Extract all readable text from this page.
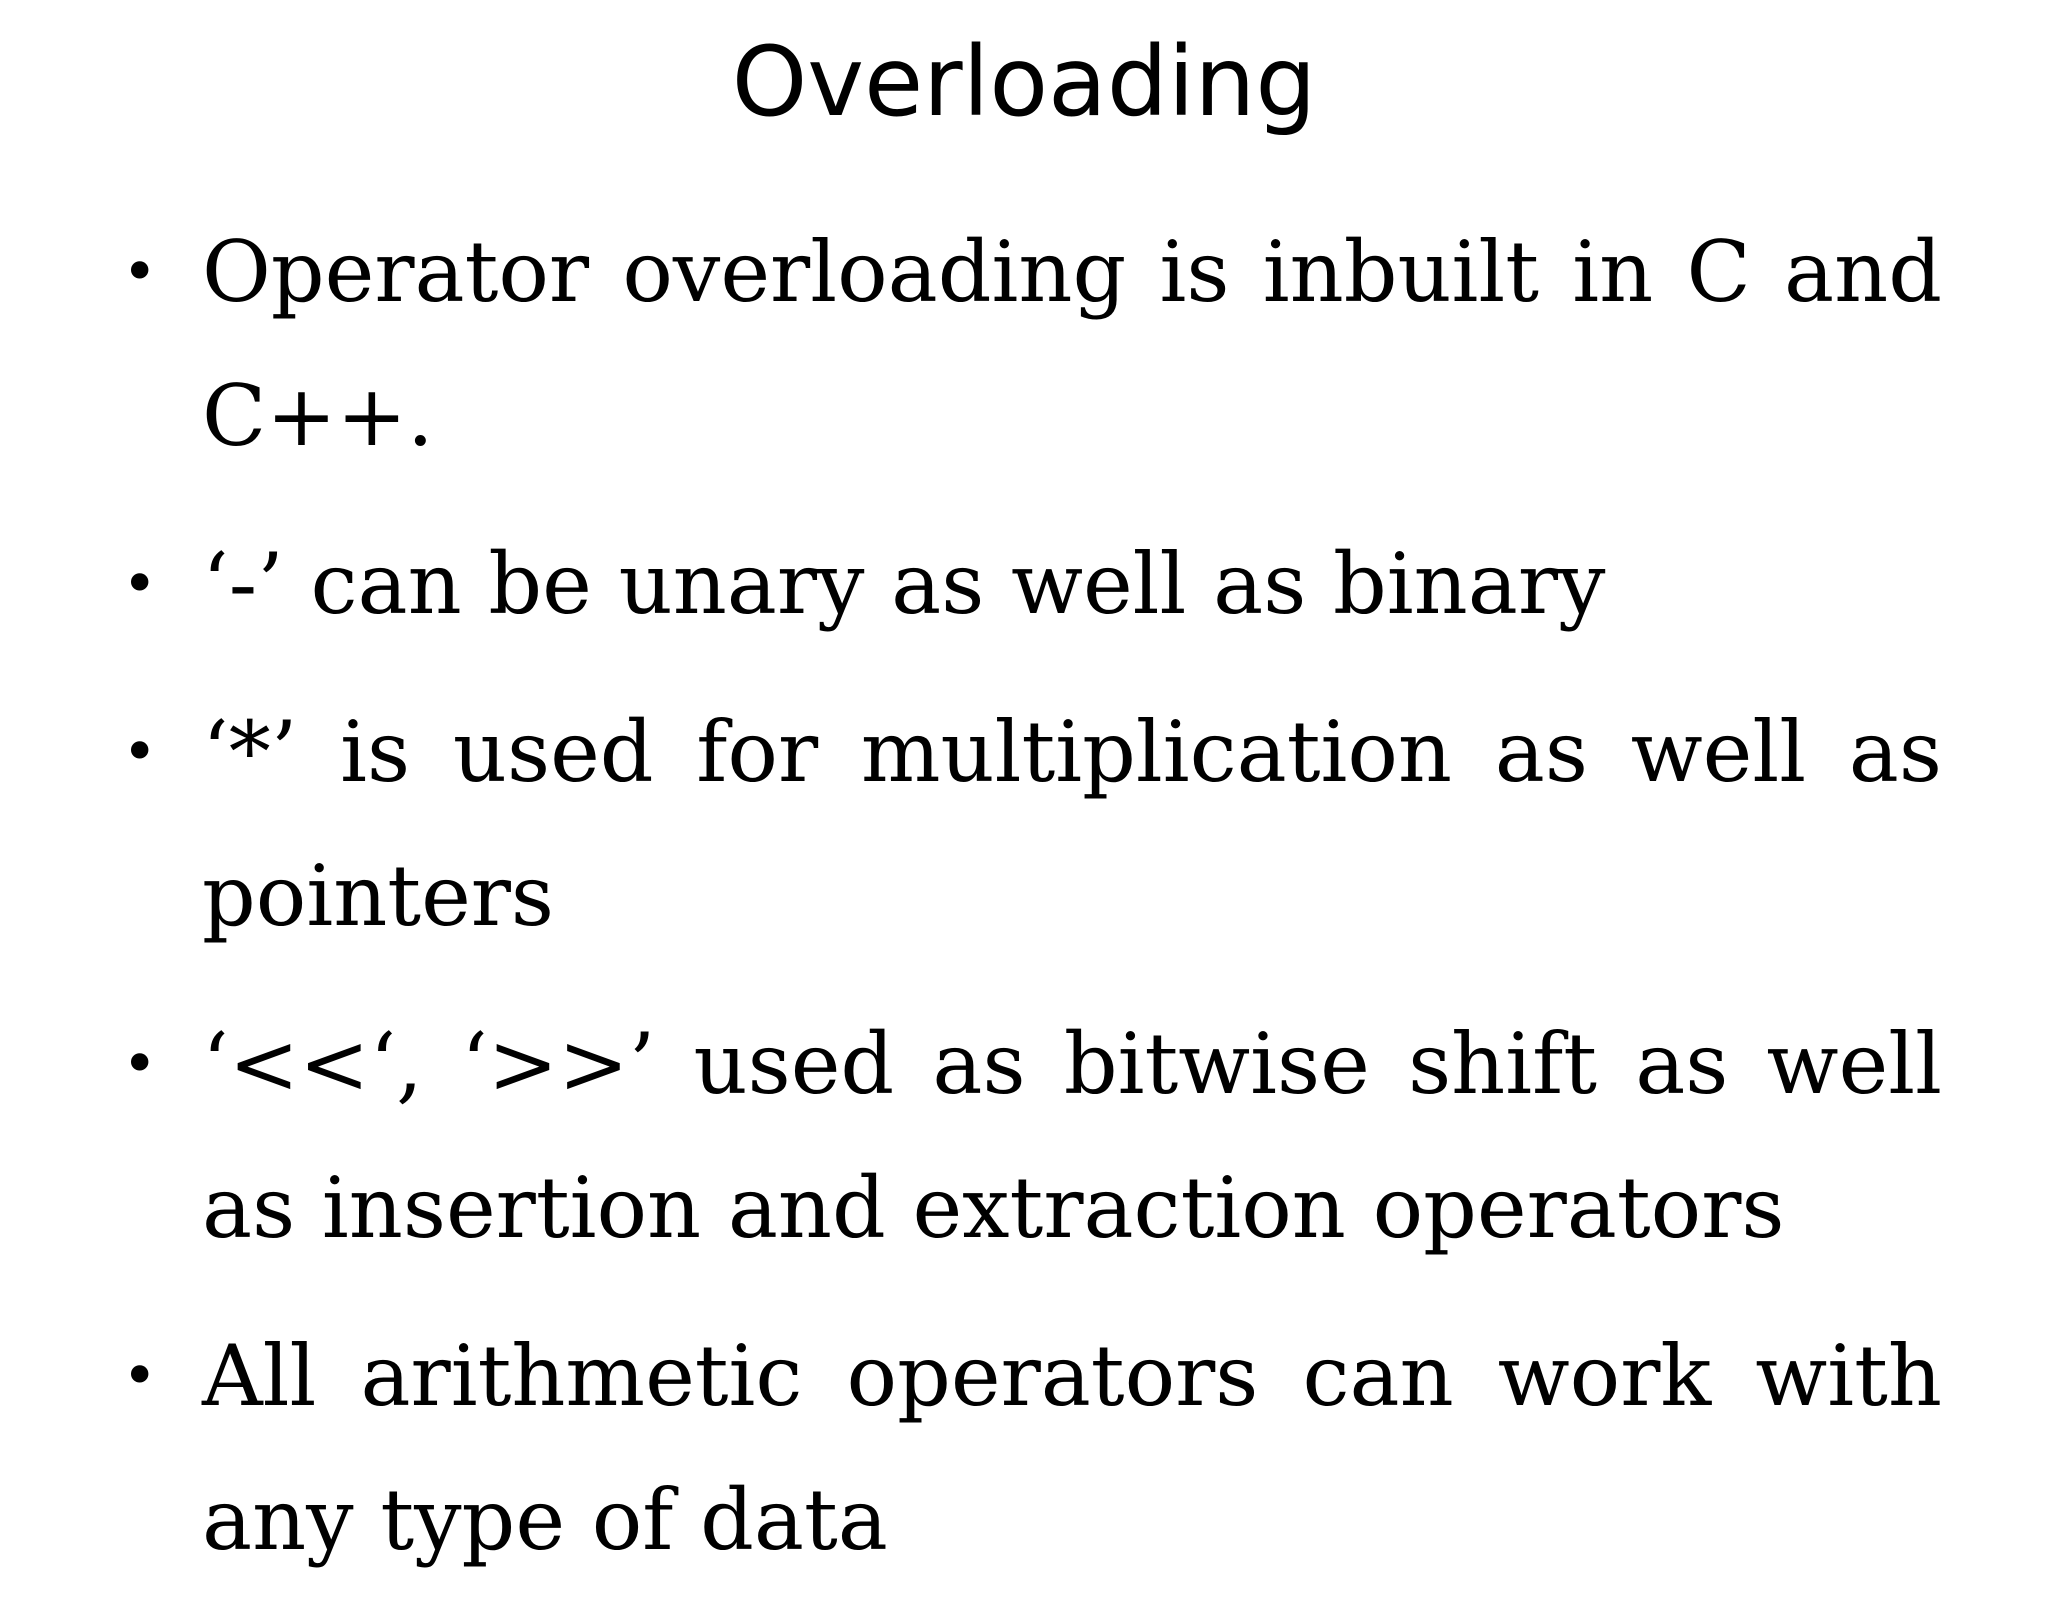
Overloading
• Operator overloading is inbuilt in C and C++.
• ‘-’ can be unary as well as binary
• ‘*’ is used for multiplication as well as pointers
• ‘<<‘, ‘>>’ used as bitwise shift as well as insertion and extraction operators
• All arithmetic operators can work with any type of data
